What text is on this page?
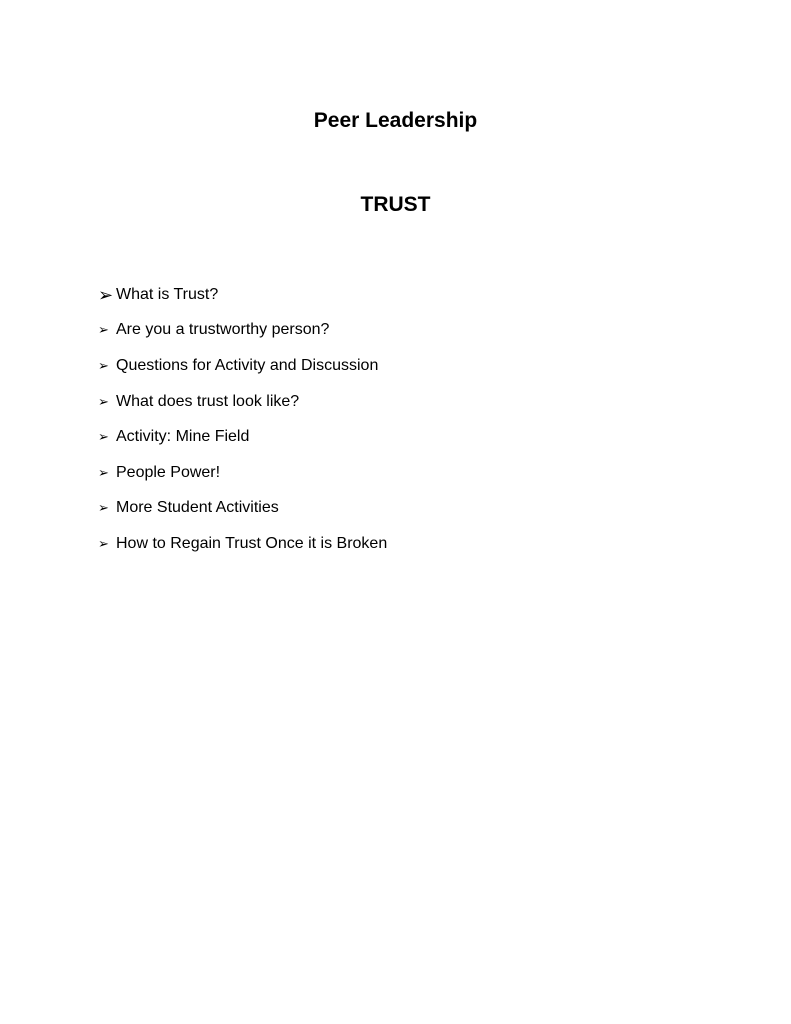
Peer Leadership
TRUST
➢ What is Trust?
➢ Are you a trustworthy person?
➢ Questions for Activity and Discussion
➢ What does trust look like?
➢ Activity: Mine Field
➢ People Power!
➢ More Student Activities
➢ How to Regain Trust Once it is Broken
